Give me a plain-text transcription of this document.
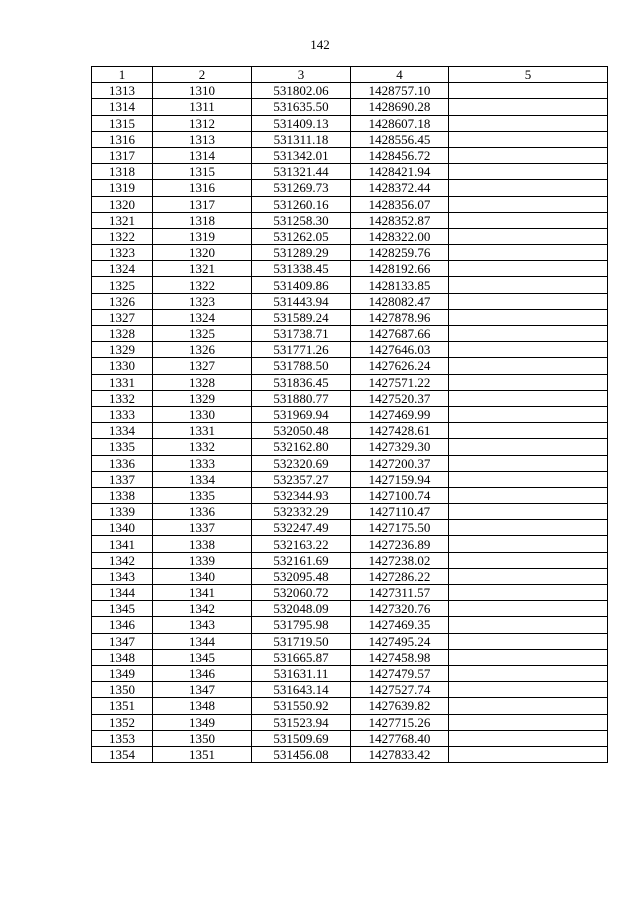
142
1	2	3	4	5
1313	1310	531802.06	1428757.10	
1314	1311	531635.50	1428690.28	
1315	1312	531409.13	1428607.18	
1316	1313	531311.18	1428556.45	
1317	1314	531342.01	1428456.72	
1318	1315	531321.44	1428421.94	
1319	1316	531269.73	1428372.44	
1320	1317	531260.16	1428356.07	
1321	1318	531258.30	1428352.87	
1322	1319	531262.05	1428322.00	
1323	1320	531289.29	1428259.76	
1324	1321	531338.45	1428192.66	
1325	1322	531409.86	1428133.85	
1326	1323	531443.94	1428082.47	
1327	1324	531589.24	1427878.96	
1328	1325	531738.71	1427687.66	
1329	1326	531771.26	1427646.03	
1330	1327	531788.50	1427626.24	
1331	1328	531836.45	1427571.22	
1332	1329	531880.77	1427520.37	
1333	1330	531969.94	1427469.99	
1334	1331	532050.48	1427428.61	
1335	1332	532162.80	1427329.30	
1336	1333	532320.69	1427200.37	
1337	1334	532357.27	1427159.94	
1338	1335	532344.93	1427100.74	
1339	1336	532332.29	1427110.47	
1340	1337	532247.49	1427175.50	
1341	1338	532163.22	1427236.89	
1342	1339	532161.69	1427238.02	
1343	1340	532095.48	1427286.22	
1344	1341	532060.72	1427311.57	
1345	1342	532048.09	1427320.76	
1346	1343	531795.98	1427469.35	
1347	1344	531719.50	1427495.24	
1348	1345	531665.87	1427458.98	
1349	1346	531631.11	1427479.57	
1350	1347	531643.14	1427527.74	
1351	1348	531550.92	1427639.82	
1352	1349	531523.94	1427715.26	
1353	1350	531509.69	1427768.40	
1354	1351	531456.08	1427833.42	
